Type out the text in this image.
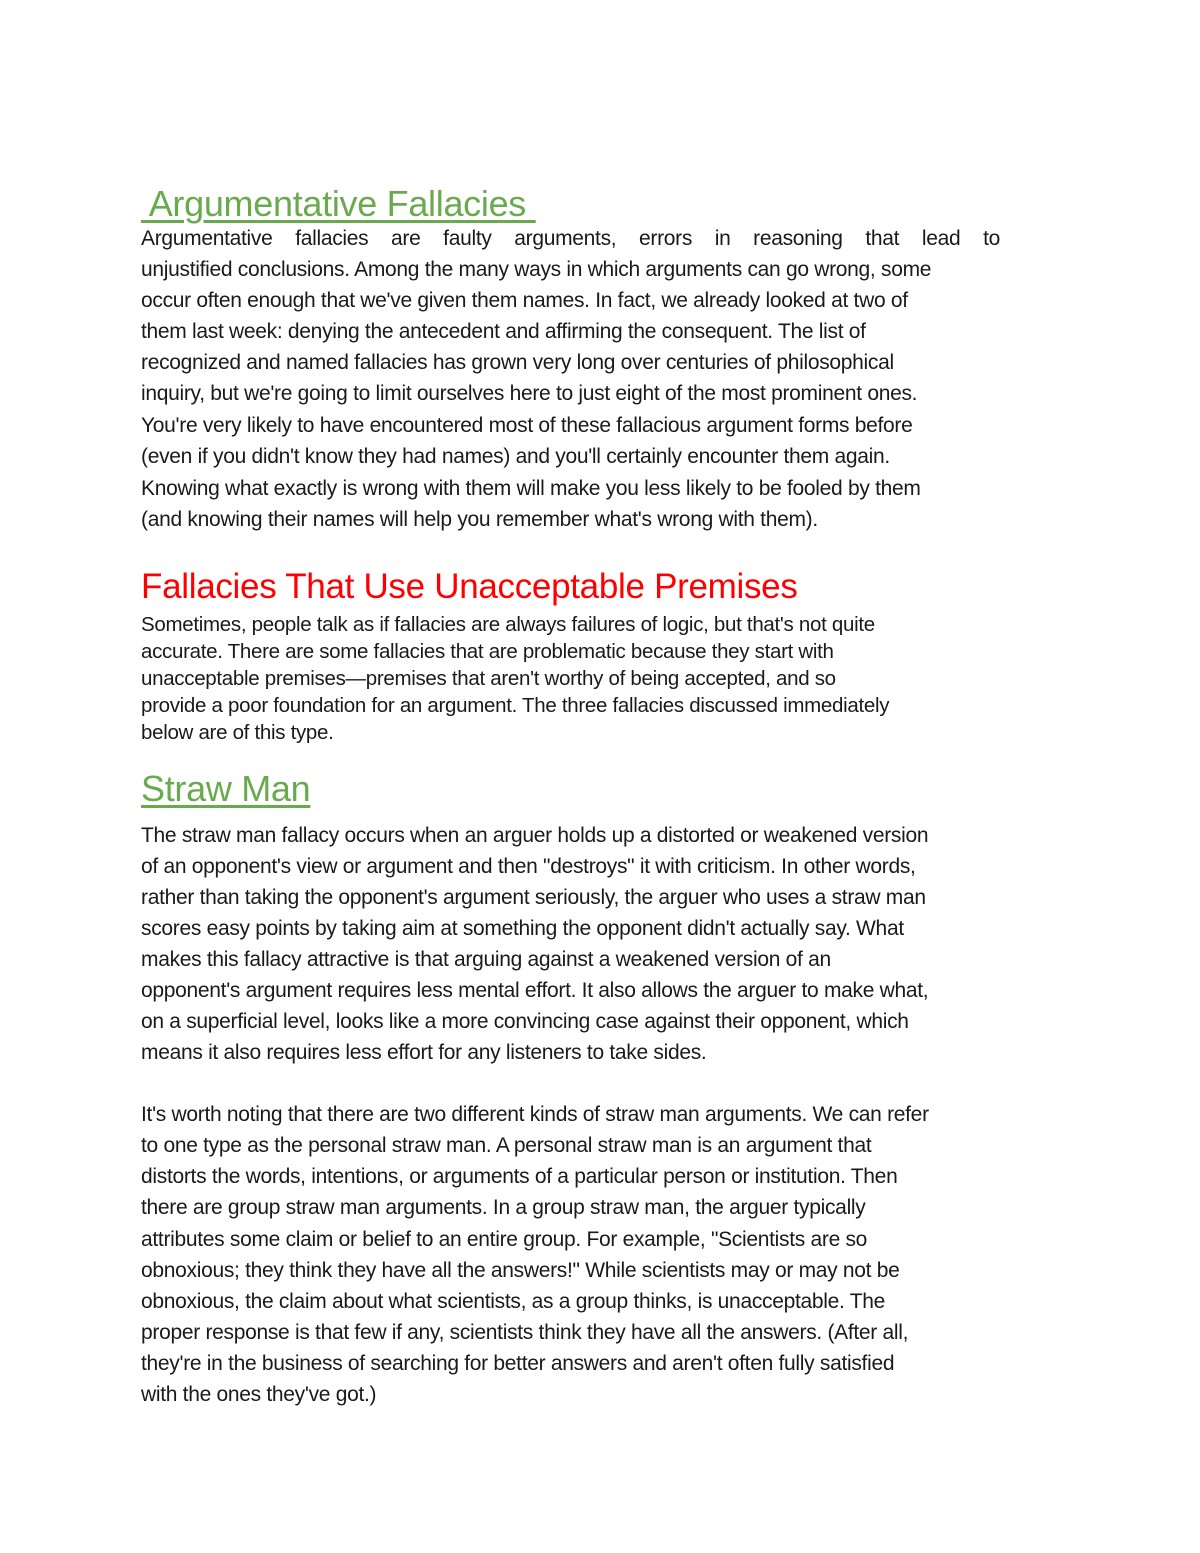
Argumentative Fallacies
Argumentative fallacies are faulty arguments, errors in reasoning that lead to
unjustified conclusions. Among the many ways in which arguments can go wrong, some
occur often enough that we've given them names. In fact, we already looked at two of
them last week: denying the antecedent and affirming the consequent. The list of
recognized and named fallacies has grown very long over centuries of philosophical
inquiry, but we're going to limit ourselves here to just eight of the most prominent ones.
You're very likely to have encountered most of these fallacious argument forms before
(even if you didn't know they had names) and you'll certainly encounter them again.
Knowing what exactly is wrong with them will make you less likely to be fooled by them
(and knowing their names will help you remember what's wrong with them).
Fallacies That Use Unacceptable Premises
Sometimes, people talk as if fallacies are always failures of logic, but that's not quite
accurate. There are some fallacies that are problematic because they start with
unacceptable premises—premises that aren't worthy of being accepted, and so
provide a poor foundation for an argument. The three fallacies discussed immediately
below are of this type.
Straw Man
The straw man fallacy occurs when an arguer holds up a distorted or weakened version
of an opponent's view or argument and then "destroys" it with criticism. In other words,
rather than taking the opponent's argument seriously, the arguer who uses a straw man
scores easy points by taking aim at something the opponent didn't actually say. What
makes this fallacy attractive is that arguing against a weakened version of an
opponent's argument requires less mental effort. It also allows the arguer to make what,
on a superficial level, looks like a more convincing case against their opponent, which
means it also requires less effort for any listeners to take sides.
It's worth noting that there are two different kinds of straw man arguments. We can refer
to one type as the personal straw man. A personal straw man is an argument that
distorts the words, intentions, or arguments of a particular person or institution. Then
there are group straw man arguments. In a group straw man, the arguer typically
attributes some claim or belief to an entire group. For example, "Scientists are so
obnoxious; they think they have all the answers!" While scientists may or may not be
obnoxious, the claim about what scientists, as a group thinks, is unacceptable. The
proper response is that few if any, scientists think they have all the answers. (After all,
they're in the business of searching for better answers and aren't often fully satisfied
with the ones they've got.)
